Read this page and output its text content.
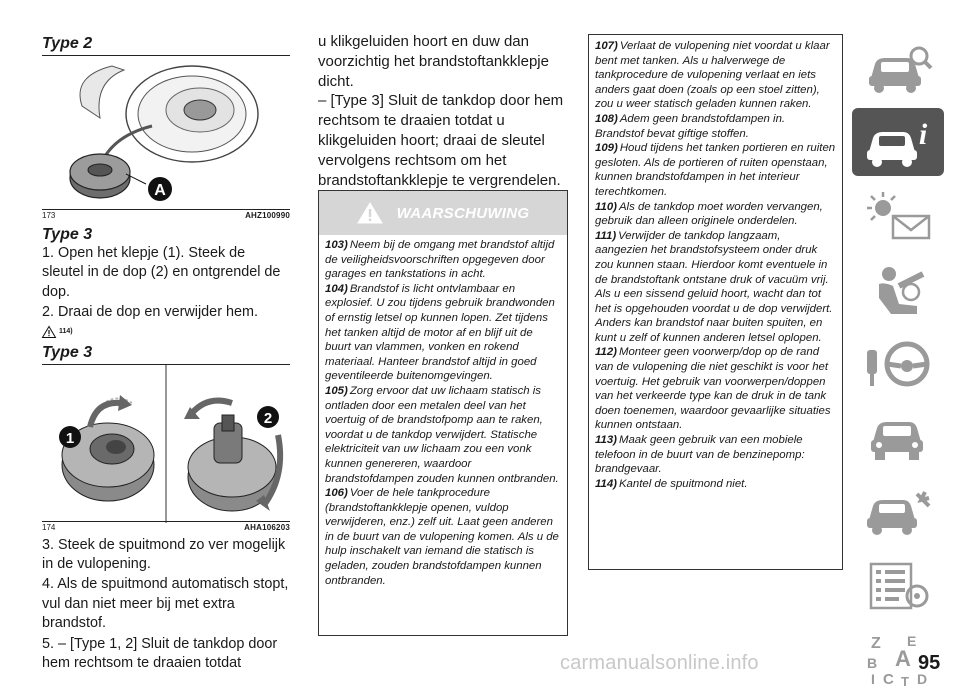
Type 2
A
173	AHZ100990
Type 3
1. Open het klepje (1). Steek de sleutel in de dop (2) en ontgrendel de dop.
2. Draai de dop en verwijder hem.
114)
Type 3
1
2
174	AHA106203
3. Steek de spuitmond zo ver mogelijk in de vulopening.
4. Als de spuitmond automatisch stopt, vul dan niet meer bij met extra brandstof.
5. – [Type 1, 2] Sluit de tankdop door hem rechtsom te draaien totdat
u klikgeluiden hoort en duw dan voorzichtig het brandstoftankklepje dicht.
– [Type 3] Sluit de tankdop door hem rechtsom te draaien totdat u klikgeluiden hoort; draai de sleutel vervolgens rechtsom om het brandstoftankklepje te vergrendelen.
WAARSCHUWING

103) Neem bij de omgang met brandstof altijd de veiligheidsvoorschriften opgegeven door garages en tankstations in acht.

104) Brandstof is licht ontvlambaar en explosief. U zou tijdens gebruik brandwonden of ernstig letsel op kunnen lopen. Zet tijdens het tanken altijd de motor af en blijf uit de buurt van vlammen, vonken en rokend materiaal. Hanteer brandstof altijd in goed geventileerde buitenomgevingen.

105) Zorg ervoor dat uw lichaam statisch is ontladen door een metalen deel van het voertuig of de brandstofpomp aan te raken, voordat u de tankdop verwijdert. Statische elektriciteit van uw lichaam zou een vonk kunnen genereren, waardoor brandstofdampen zouden kunnen ontbranden.

106) Voer de hele tankprocedure (brandstoftankklepje openen, vuldop verwijderen, enz.) zelf uit. Laat geen anderen in de buurt van de vulopening komen. Als u de hulp inschakelt van iemand die statisch is geladen, zouden brandstofdampen kunnen ontbranden.

107) Verlaat de vulopening niet voordat u klaar bent met tanken. Als u halverwege de tankprocedure de vulopening verlaat en iets anders gaat doen (zoals op een stoel zitten), zou u weer statisch geladen kunnen raken.

108) Adem geen brandstofdampen in. Brandstof bevat giftige stoffen.

109) Houd tijdens het tanken portieren en ruiten gesloten. Als de portieren of ruiten openstaan, kunnen brandstofdampen in het interieur terechtkomen.

110) Als de tankdop moet worden vervangen, gebruik dan alleen originele onderdelen.

111) Verwijder de tankdop langzaam, aangezien het brandstofsysteem onder druk zou kunnen staan. Hierdoor komt eventuele in de brandstoftank ontstane druk of vacuüm vrij. Als u een sissend geluid hoort, wacht dan tot het is opgehouden voordat u de dop verwijdert. Anders kan brandstof naar buiten spuiten, en kunt u zelf of kunnen anderen letsel oplopen.

112) Monteer geen voorwerp/dop op de rand van de vulopening die niet geschikt is voor het voertuig. Het gebruik van voorwerpen/doppen van het verkeerde type kan de druk in de tank doen toenemen, waardoor gevaarlijke situaties kunnen ontstaan.

113) Maak geen gebruik van een mobiele telefoon in de buurt van de benzinepomp: brandgevaar.

114) Kantel de spuitmond niet.

i
Z E
A
B
C D
I T
carmanualsonline.info	95
